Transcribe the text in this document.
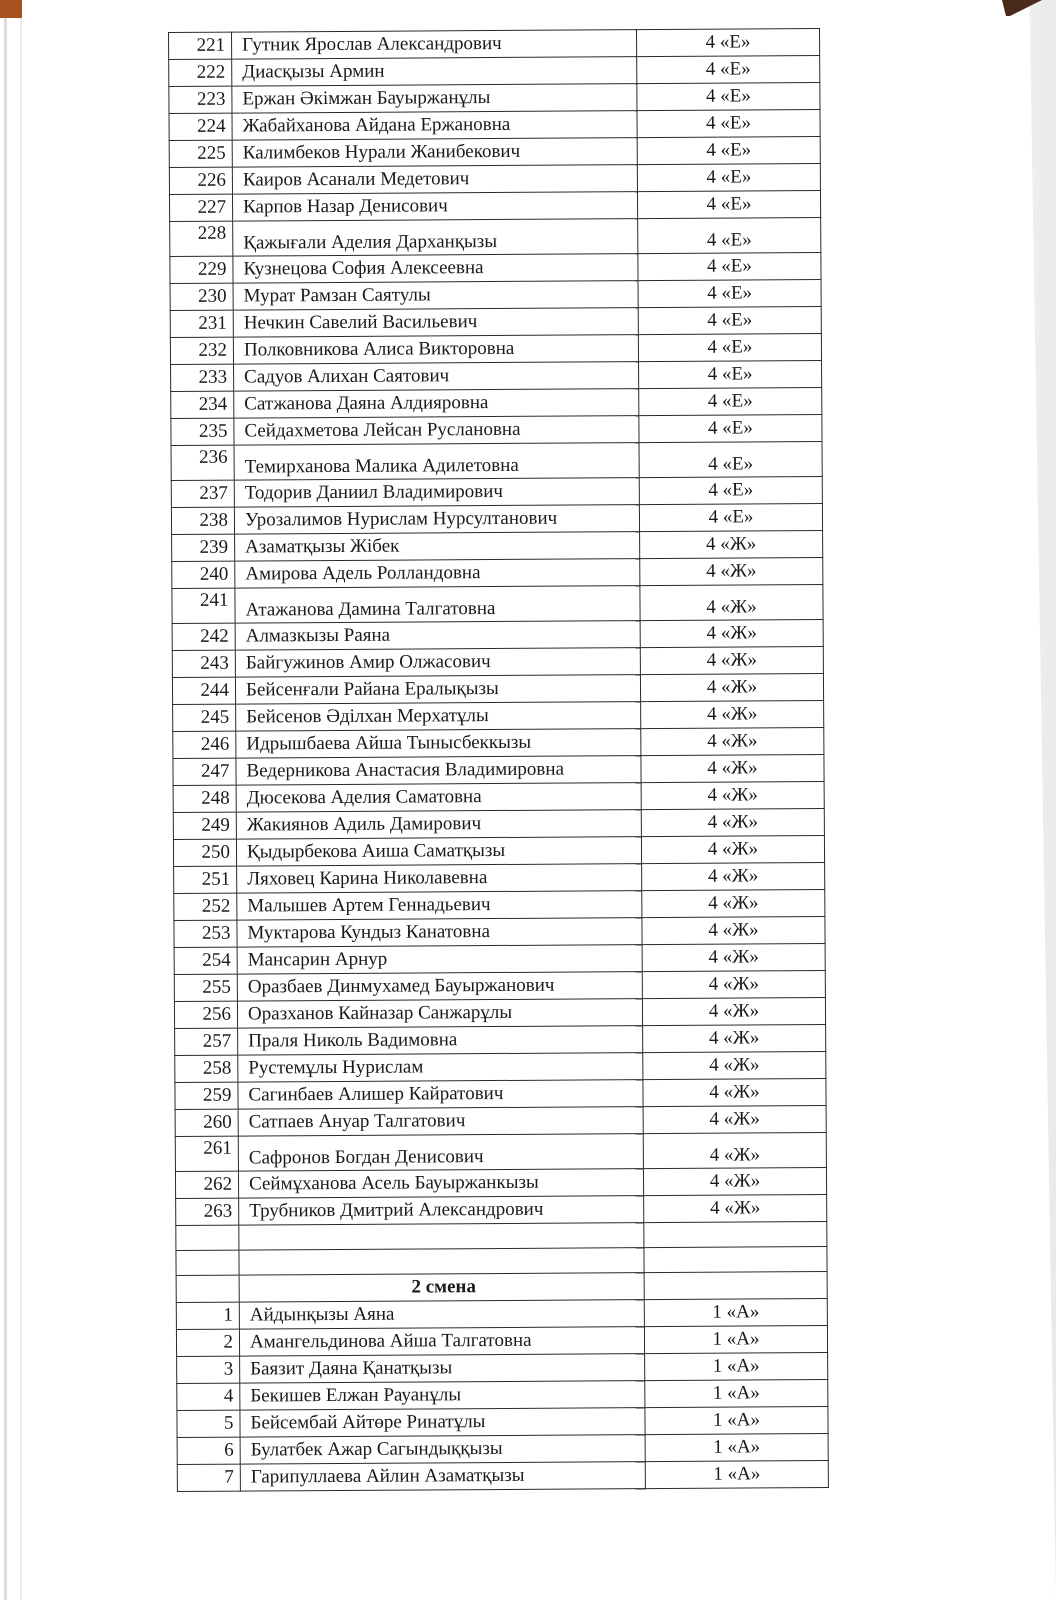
221	Гутник Ярослав Александрович	4 «Е»
222	Диасқызы Армин	4 «Е»
223	Ержан Әкімжан Бауыржанұлы	4 «Е»
224	Жабайханова Айдана Ержановна	4 «Е»
225	Калимбеков Нурали Жанибекович	4 «Е»
226	Каиров Асанали Медетович	4 «Е»
227	Карпов Назар Денисович	4 «Е»
228	Қажығали Аделия Дарханқызы	4 «Е»
229	Кузнецова София Алексеевна	4 «Е»
230	Мурат Рамзан Саятулы	4 «Е»
231	Нечкин Савелий Васильевич	4 «Е»
232	Полковникова Алиса Викторовна	4 «Е»
233	Садуов Алихан Саятович	4 «Е»
234	Сатжанова Даяна Алдияровна	4 «Е»
235	Сейдахметова Лейсан Руслановна	4 «Е»
236	Темирханова Малика Адилетовна	4 «Е»
237	Тодорив Даниил Владимирович	4 «Е»
238	Урозалимов Нурислам Нурсултанович	4 «Е»
239	Азаматқызы Жібек	4 «Ж»
240	Амирова Адель Ролландовна	4 «Ж»
241	Атажанова Дамина Талгатовна	4 «Ж»
242	Алмазкызы Раяна	4 «Ж»
243	Байгужинов Амир Олжасович	4 «Ж»
244	Бейсенғали Райана Ералықызы	4 «Ж»
245	Бейсенов Әділхан Мерхатұлы	4 «Ж»
246	Идрышбаева Айша Тынысбеккызы	4 «Ж»
247	Ведерникова Анастасия Владимировна	4 «Ж»
248	Дюсекова Аделия Саматовна	4 «Ж»
249	Жакиянов Адиль Дамирович	4 «Ж»
250	Қыдырбекова Аиша Саматқызы	4 «Ж»
251	Ляховец Карина Николавевна	4 «Ж»
252	Малышев Артем Геннадьевич	4 «Ж»
253	Муктарова Кундыз Канатовна	4 «Ж»
254	Мансарин Арнур	4 «Ж»
255	Оразбаев Динмухамед Бауыржанович	4 «Ж»
256	Оразханов Кайназар Санжарұлы	4 «Ж»
257	Праля Николь Вадимовна	4 «Ж»
258	Рустемұлы Нурислам	4 «Ж»
259	Сагинбаев Алишер Кайратович	4 «Ж»
260	Сатпаев Ануар Талгатович	4 «Ж»
261	Сафронов Богдан Денисович	4 «Ж»
262	Сеймұханова Асель Бауыржанкызы	4 «Ж»
263	Трубников Дмитрий Александрович	4 «Ж»

	2 смена	
1	Айдынқызы Аяна	1 «А»
2	Амангельдинова Айша Талгатовна	1 «А»
3	Баязит Даяна Қанатқызы	1 «А»
4	Бекишев Елжан Рауанұлы	1 «А»
5	Бейсембай Айтөре Ринатұлы	1 «А»
6	Булатбек Ажар Сагындыққызы	1 «А»
7	Гарипуллаева Айлин Азаматқызы	1 «А»
